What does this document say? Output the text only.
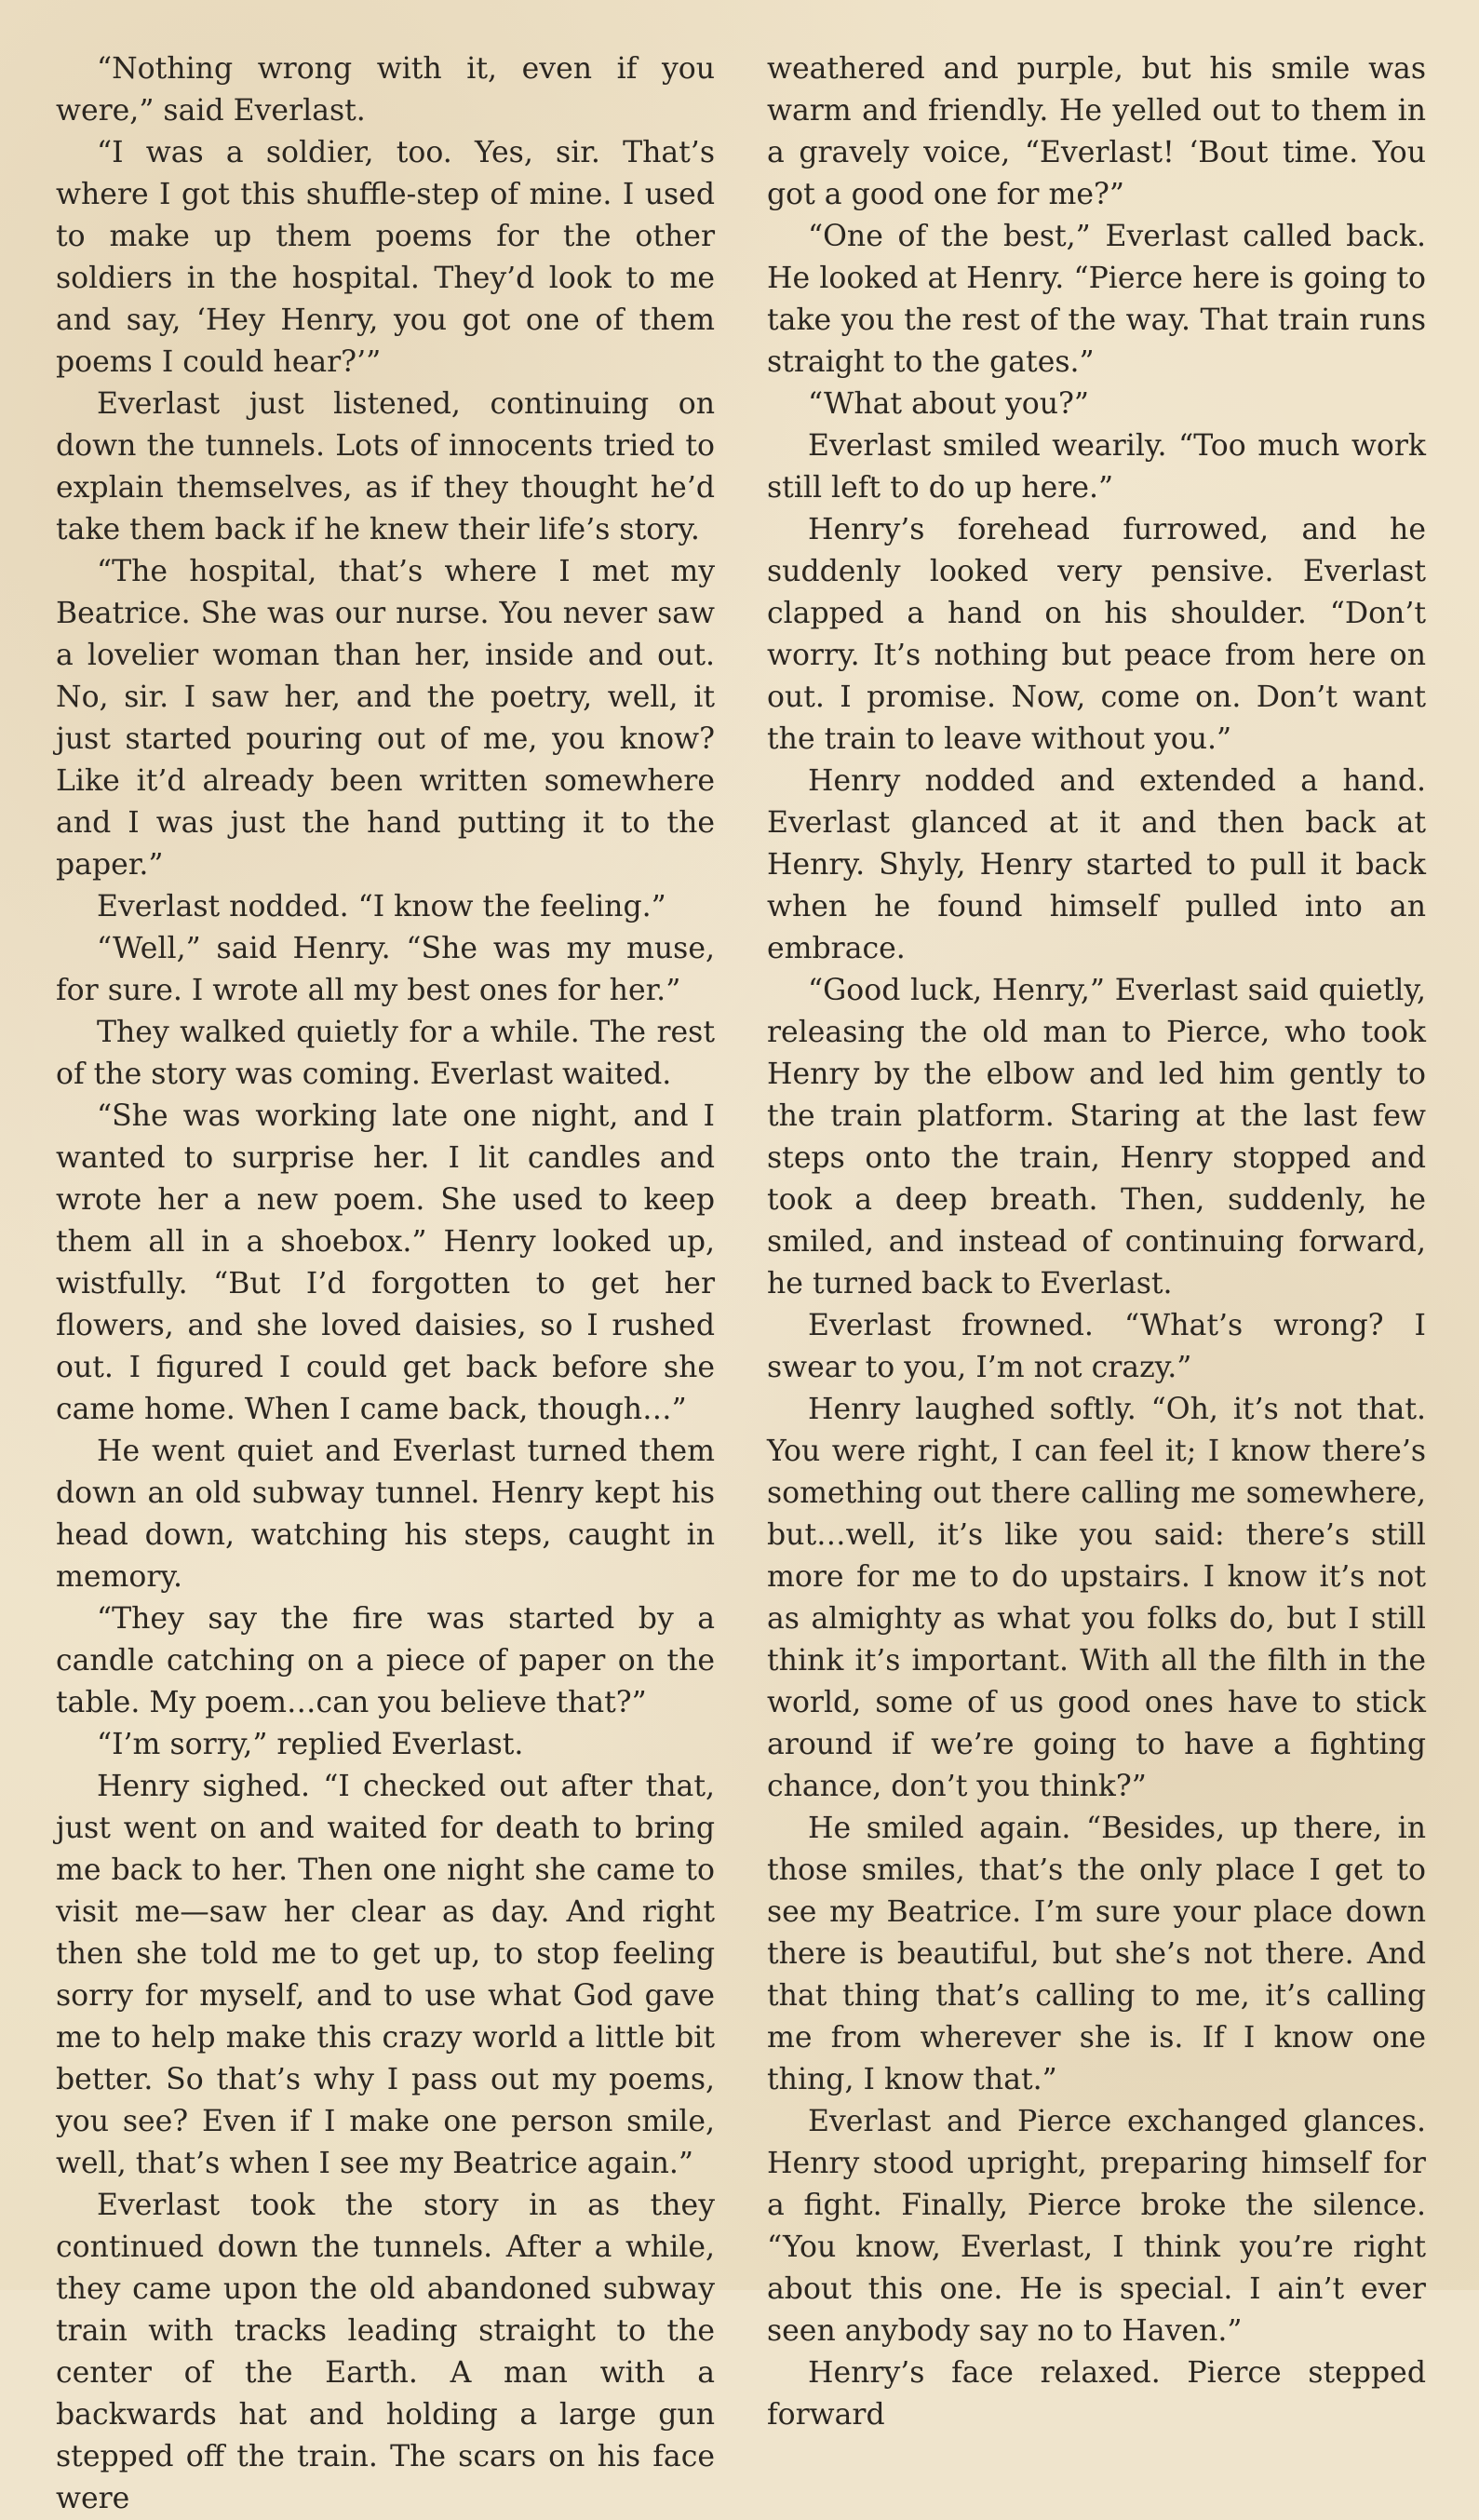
“Nothing wrong with it, even if you were,” said Everlast.

“I was a soldier, too. Yes, sir. That’s where I got this shuffle-step of mine. I used to make up them poems for the other soldiers in the hospital. They’d look to me and say, ‘Hey Henry, you got one of them poems I could hear?’”

Everlast just listened, continuing on down the tunnels. Lots of innocents tried to explain themselves, as if they thought he’d take them back if he knew their life’s story.

“The hospital, that’s where I met my Beatrice. She was our nurse. You never saw a lovelier woman than her, inside and out. No, sir. I saw her, and the poetry, well, it just started pouring out of me, you know? Like it’d already been written somewhere and I was just the hand putting it to the paper.”

Everlast nodded. “I know the feeling.”

“Well,” said Henry. “She was my muse, for sure. I wrote all my best ones for her.”

They walked quietly for a while. The rest of the story was coming. Everlast waited.

“She was working late one night, and I wanted to surprise her. I lit candles and wrote her a new poem. She used to keep them all in a shoebox.” Henry looked up, wistfully. “But I’d forgotten to get her flowers, and she loved daisies, so I rushed out. I figured I could get back before she came home. When I came back, though…”

He went quiet and Everlast turned them down an old subway tunnel. Henry kept his head down, watching his steps, caught in memory.

“They say the fire was started by a candle catching on a piece of paper on the table. My poem…can you believe that?”

“I’m sorry,” replied Everlast.

Henry sighed. “I checked out after that, just went on and waited for death to bring me back to her. Then one night she came to visit me—saw her clear as day. And right then she told me to get up, to stop feeling sorry for myself, and to use what God gave me to help make this crazy world a little bit better. So that’s why I pass out my poems, you see? Even if I make one person smile, well, that’s when I see my Beatrice again.”

Everlast took the story in as they continued down the tunnels. After a while, they came upon the old abandoned subway train with tracks leading straight to the center of the Earth. A man with a backwards hat and holding a large gun stepped off the train. The scars on his face were

weathered and purple, but his smile was warm and friendly. He yelled out to them in a gravely voice, “Everlast! ‘Bout time. You got a good one for me?”

“One of the best,” Everlast called back. He looked at Henry. “Pierce here is going to take you the rest of the way. That train runs straight to the gates.”

“What about you?”

Everlast smiled wearily. “Too much work still left to do up here.”

Henry’s forehead furrowed, and he suddenly looked very pensive. Everlast clapped a hand on his shoulder. “Don’t worry. It’s nothing but peace from here on out. I promise. Now, come on. Don’t want the train to leave without you.”

Henry nodded and extended a hand. Everlast glanced at it and then back at Henry. Shyly, Henry started to pull it back when he found himself pulled into an embrace.

“Good luck, Henry,” Everlast said quietly, releasing the old man to Pierce, who took Henry by the elbow and led him gently to the train platform. Staring at the last few steps onto the train, Henry stopped and took a deep breath. Then, suddenly, he smiled, and instead of continuing forward, he turned back to Everlast.

Everlast frowned. “What’s wrong? I swear to you, I’m not crazy.”

Henry laughed softly. “Oh, it’s not that. You were right, I can feel it; I know there’s something out there calling me somewhere, but…well, it’s like you said: there’s still more for me to do upstairs. I know it’s not as almighty as what you folks do, but I still think it’s important. With all the filth in the world, some of us good ones have to stick around if we’re going to have a fighting chance, don’t you think?”

He smiled again. “Besides, up there, in those smiles, that’s the only place I get to see my Beatrice. I’m sure your place down there is beautiful, but she’s not there. And that thing that’s calling to me, it’s calling me from wherever she is. If I know one thing, I know that.”

Everlast and Pierce exchanged glances. Henry stood upright, preparing himself for a fight. Finally, Pierce broke the silence. “You know, Everlast, I think you’re right about this one. He is special. I ain’t ever seen anybody say no to Haven.”

Henry’s face relaxed. Pierce stepped forward
